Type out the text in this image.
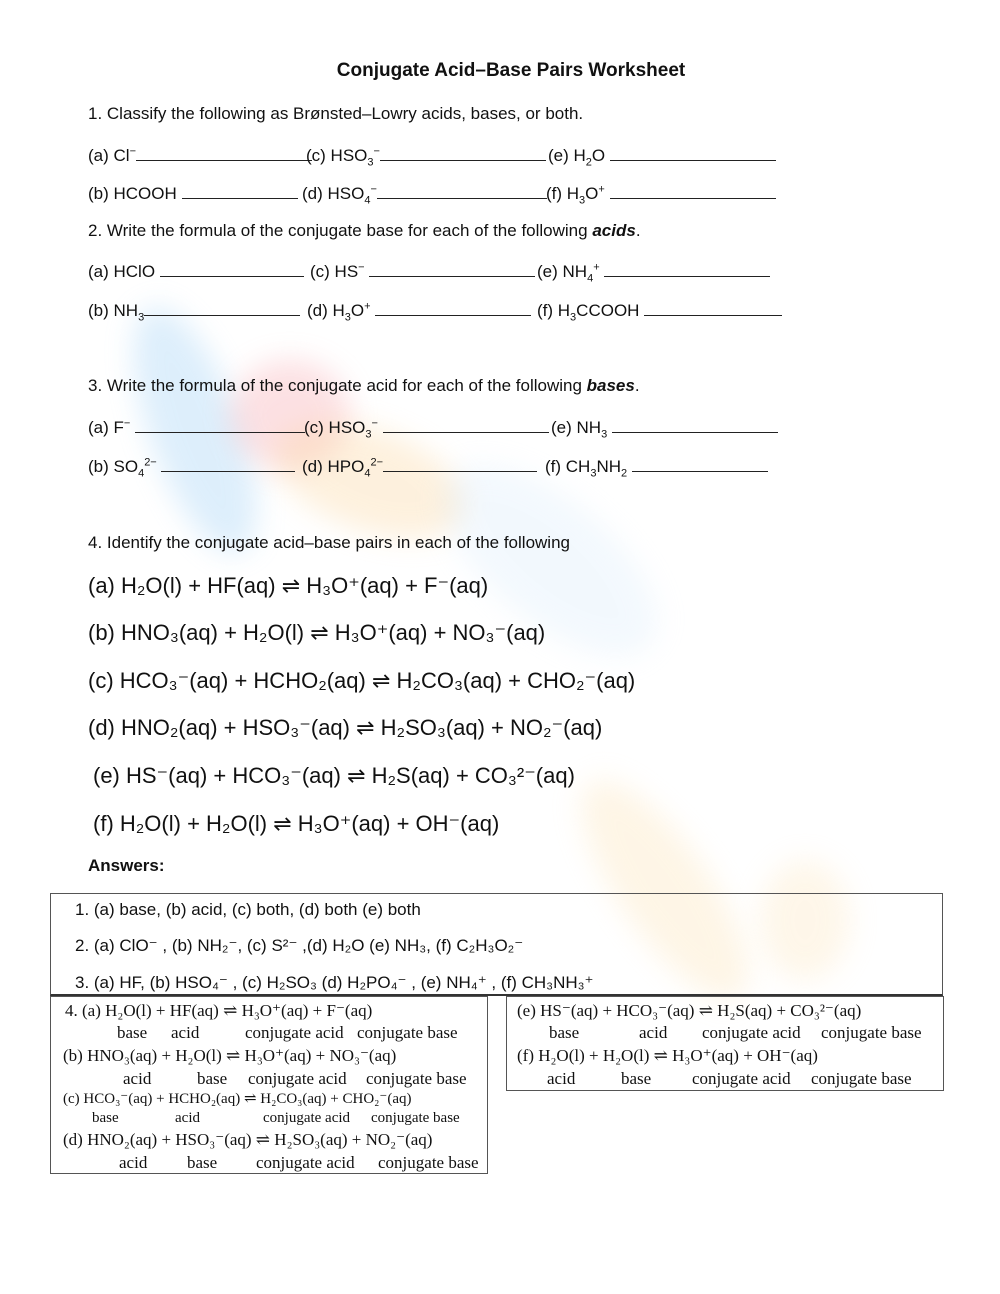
Conjugate Acid–Base Pairs Worksheet
1. Classify the following as Brønsted–Lowry acids, bases, or both.
(a) Cl−	(c) $HSO_3^-$	(e) $H_2O$
(b) HCOOH	(d) $HSO_4^-$	(f) $H_3O^+$
2. Write the formula of the conjugate base for each of the following acids.
(a) HClO	(c) HS−	(e) $NH_4^+$
(b) $NH_3$	(d) $H_3O^+$	(f) $H_3CCOOH$
3. Write the formula of the conjugate acid for each of the following bases.
(a) F−	(c) $HSO_3^-$	(e) $NH_3$
(b) $SO_4^{2-}$	(d) $HPO_4^{2-}$	(f) $CH_3NH_2$
4. Identify the conjugate acid–base pairs in each of the following
(a) H₂O(l) + HF(aq) ⇌ H₃O⁺(aq) + F⁻(aq)
(b) HNO₃(aq) + H₂O(l) ⇌ H₃O⁺(aq) + NO₃⁻(aq)
(c) HCO₃⁻(aq) + HCHO₂(aq) ⇌ H₂CO₃(aq) + CHO₂⁻(aq)
(d) HNO₂(aq) + HSO₃⁻(aq) ⇌ H₂SO₃(aq) + NO₂⁻(aq)
(e) HS⁻(aq) + HCO₃⁻(aq) ⇌ H₂S(aq) + CO₃²⁻(aq)
(f) H₂O(l) + H₂O(l) ⇌ H₃O⁺(aq) + OH⁻(aq)
Answers:
1. (a) base, (b) acid, (c) both, (d) both (e) both
2. (a) ClO⁻ , (b) NH₂⁻, (c) S²⁻ ,(d) H₂O (e) NH₃, (f) C₂H₃O₂⁻
3. (a) HF, (b) HSO₄⁻ , (c) H₂SO₃ (d) H₂PO₄⁻ , (e) NH₄⁺ , (f) CH₃NH₃⁺
4. (a) H₂O(l) + HF(aq) ⇌ H₃O⁺(aq) + F⁻(aq)
base acid	conjugate acid conjugate base
(b) HNO₃(aq) + H₂O(l) ⇌ H₃O⁺(aq) + NO₃⁻(aq)
acid	base conjugate acid conjugate base
(c) HCO₃⁻(aq) + HCHO₂(aq) ⇌ H₂CO₃(aq) + CHO₂⁻(aq)
base	acid	conjugate acid conjugate base
(d) HNO₂(aq) + HSO₃⁻(aq) ⇌ H₂SO₃(aq) + NO₂⁻(aq)
acid base conjugate acid conjugate base
(e) HS⁻(aq) + HCO₃⁻(aq) ⇌ H₂S(aq) + CO₃²⁻(aq)
base	acid conjugate acid conjugate base
(f) H₂O(l) + H₂O(l) ⇌ H₃O⁺(aq) + OH⁻(aq)
acid	base conjugate acid conjugate base
